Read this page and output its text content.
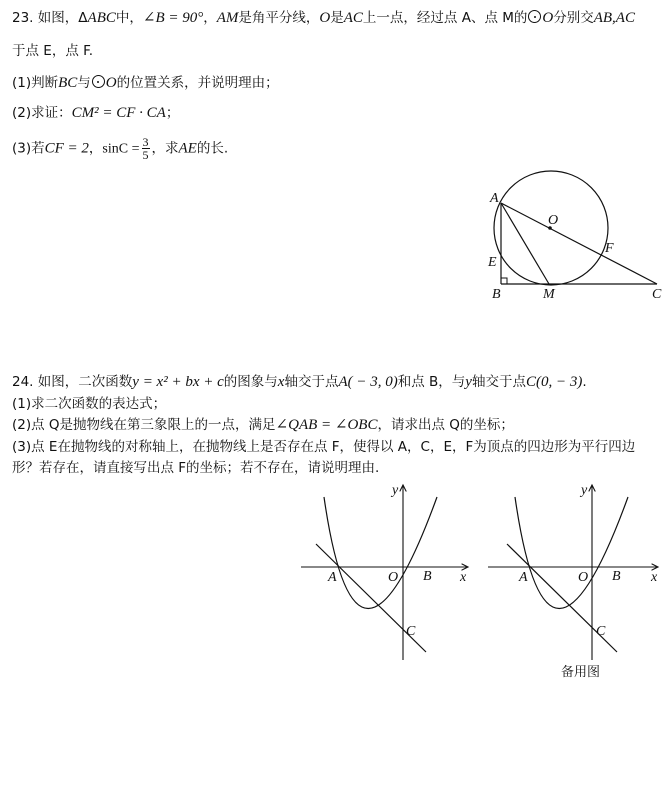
23. 如图，ΔABC中，∠B = 90°，AM是角平分线，O是AC上一点，经过点 A、点 M的 O分别交AB,AC
于点 E，点 F.
(1)判断BC与 O的位置关系，并说明理由；
(2)求证：CM² = CF · CA；
(3)若CF = 2，$\sin C = \frac{3}{5}$ ，求AE的长.
A
O
F
E
B	M	C
24. 如图，二次函数y = x² + bx + c的图象与x轴交于点A( − 3, 0)和点 B，与y轴交于点C(0, − 3).
(1)求二次函数的表达式；
(2)点 Q是抛物线在第三象限上的一点，满足∠QAB = ∠OBC，请求出点 Q的坐标；
(3)点 E在抛物线的对称轴上，在抛物线上是否存在点 F，使得以 A，C，E，F为顶点的四边形为平行四边
形？若存在，请直接写出点 F的坐标；若不存在，请说明理由.
y
x
A	O B
C
y
x
A	O B
C
备用图
